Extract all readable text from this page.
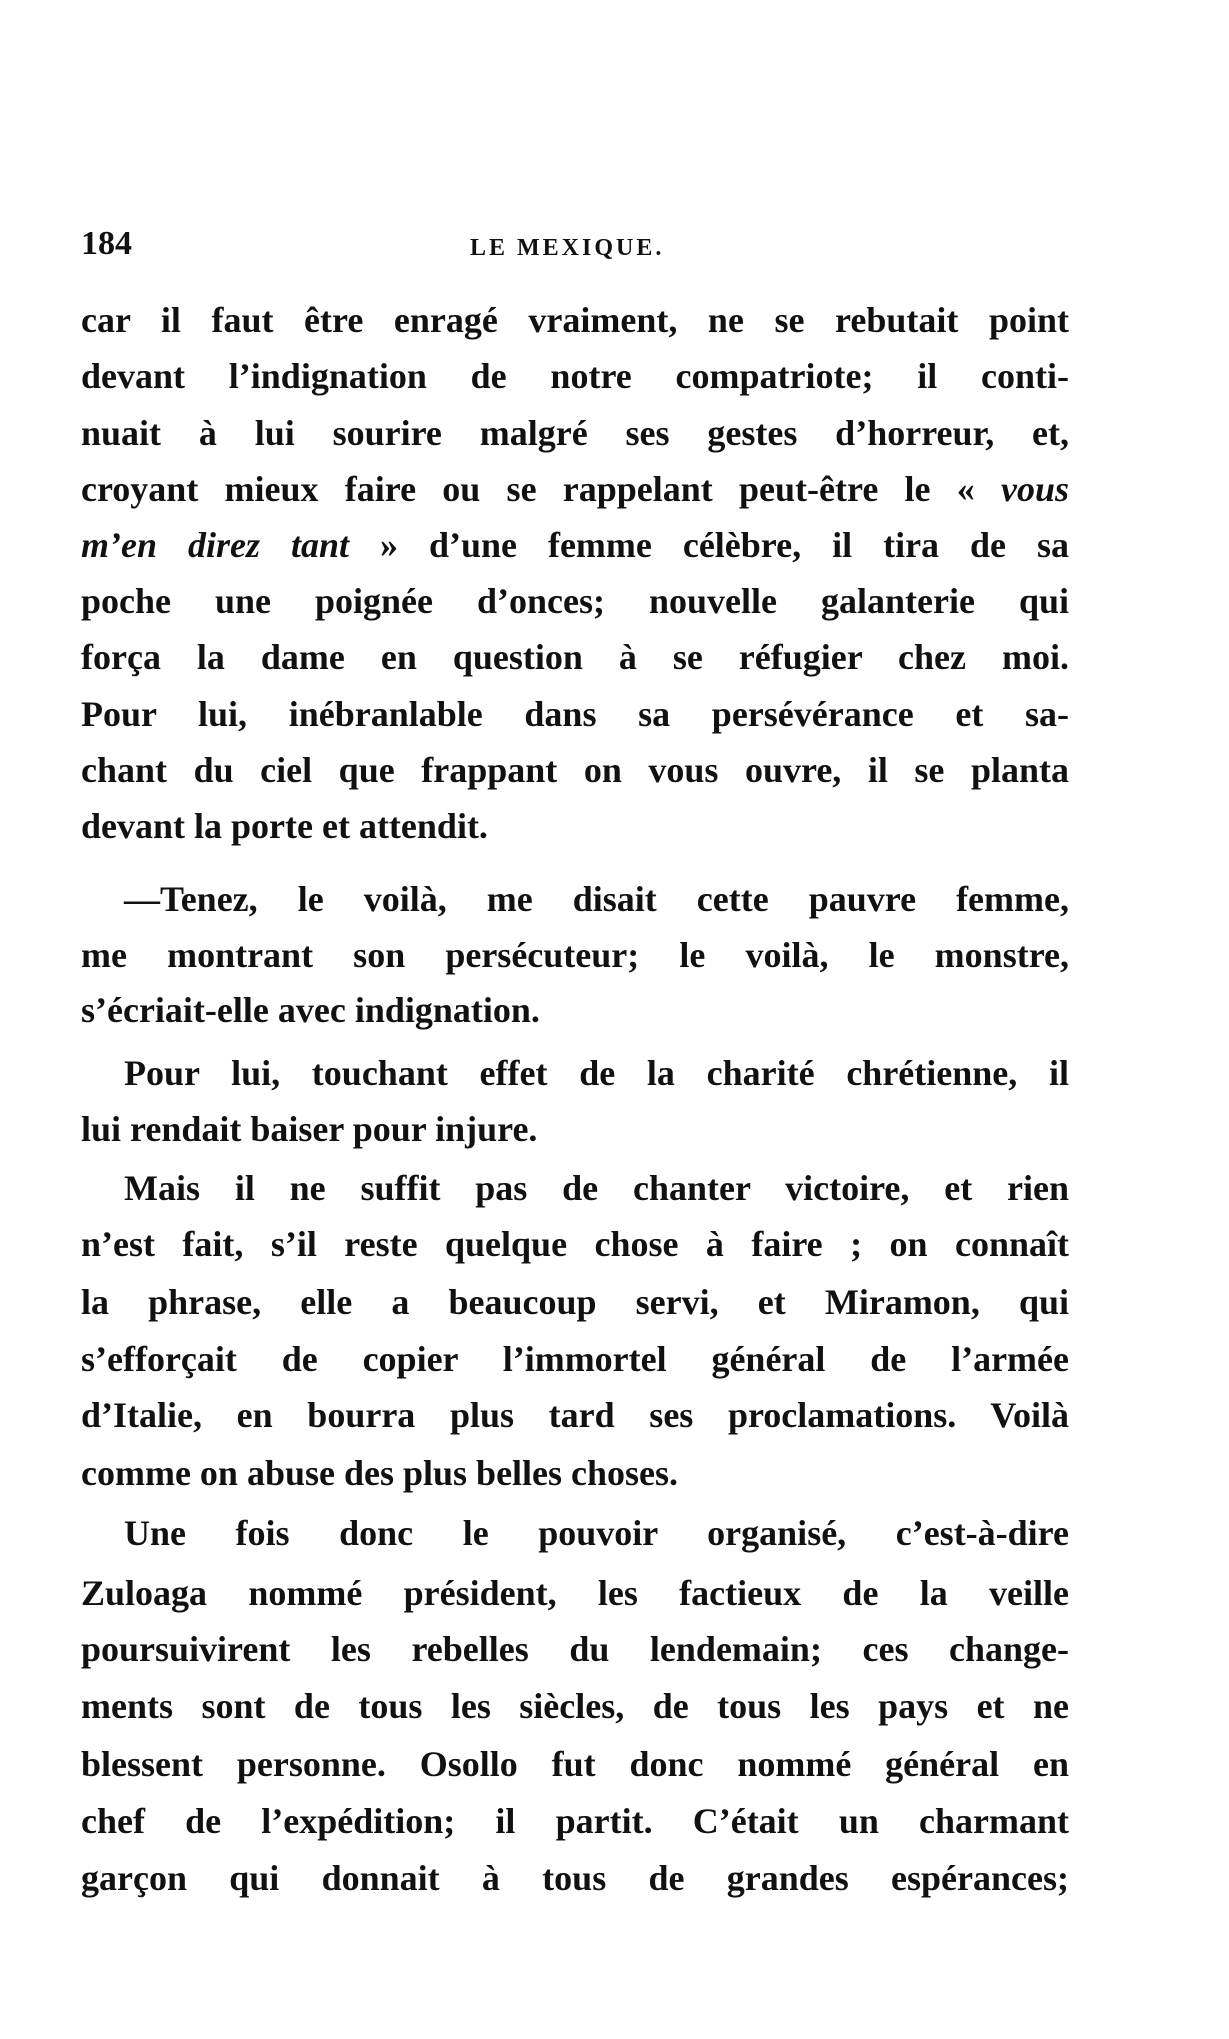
184	LE MEXIQUE.
car il faut être enragé vraiment, ne se rebutait point
devant l’indignation de notre compatriote; il conti-
nuait à lui sourire malgré ses gestes d’horreur, et,
croyant mieux faire ou se rappelant peut-être le « vous
m’en direz tant » d’une femme célèbre, il tira de sa
poche une poignée d’onces; nouvelle galanterie qui
força la dame en question à se réfugier chez moi.
Pour lui, inébranlable dans sa persévérance et sa-
chant du ciel que frappant on vous ouvre, il se planta
devant la porte et attendit.
—Tenez, le voilà, me disait cette pauvre femme,
me montrant son persécuteur; le voilà, le monstre,
s’écriait-elle avec indignation.
Pour lui, touchant effet de la charité chrétienne, il
lui rendait baiser pour injure.
Mais il ne suffit pas de chanter victoire, et rien
n’est fait, s’il reste quelque chose à faire ; on connaît
la phrase, elle a beaucoup servi, et Miramon, qui
s’efforçait de copier l’immortel général de l’armée
d’Italie, en bourra plus tard ses proclamations. Voilà
comme on abuse des plus belles choses.
Une fois donc le pouvoir organisé, c’est-à-dire
Zuloaga nommé président, les factieux de la veille
poursuivirent les rebelles du lendemain; ces change-
ments sont de tous les siècles, de tous les pays et ne
blessent personne. Osollo fut donc nommé général en
chef de l’expédition; il partit. C’était un charmant
garçon qui donnait à tous de grandes espérances;
